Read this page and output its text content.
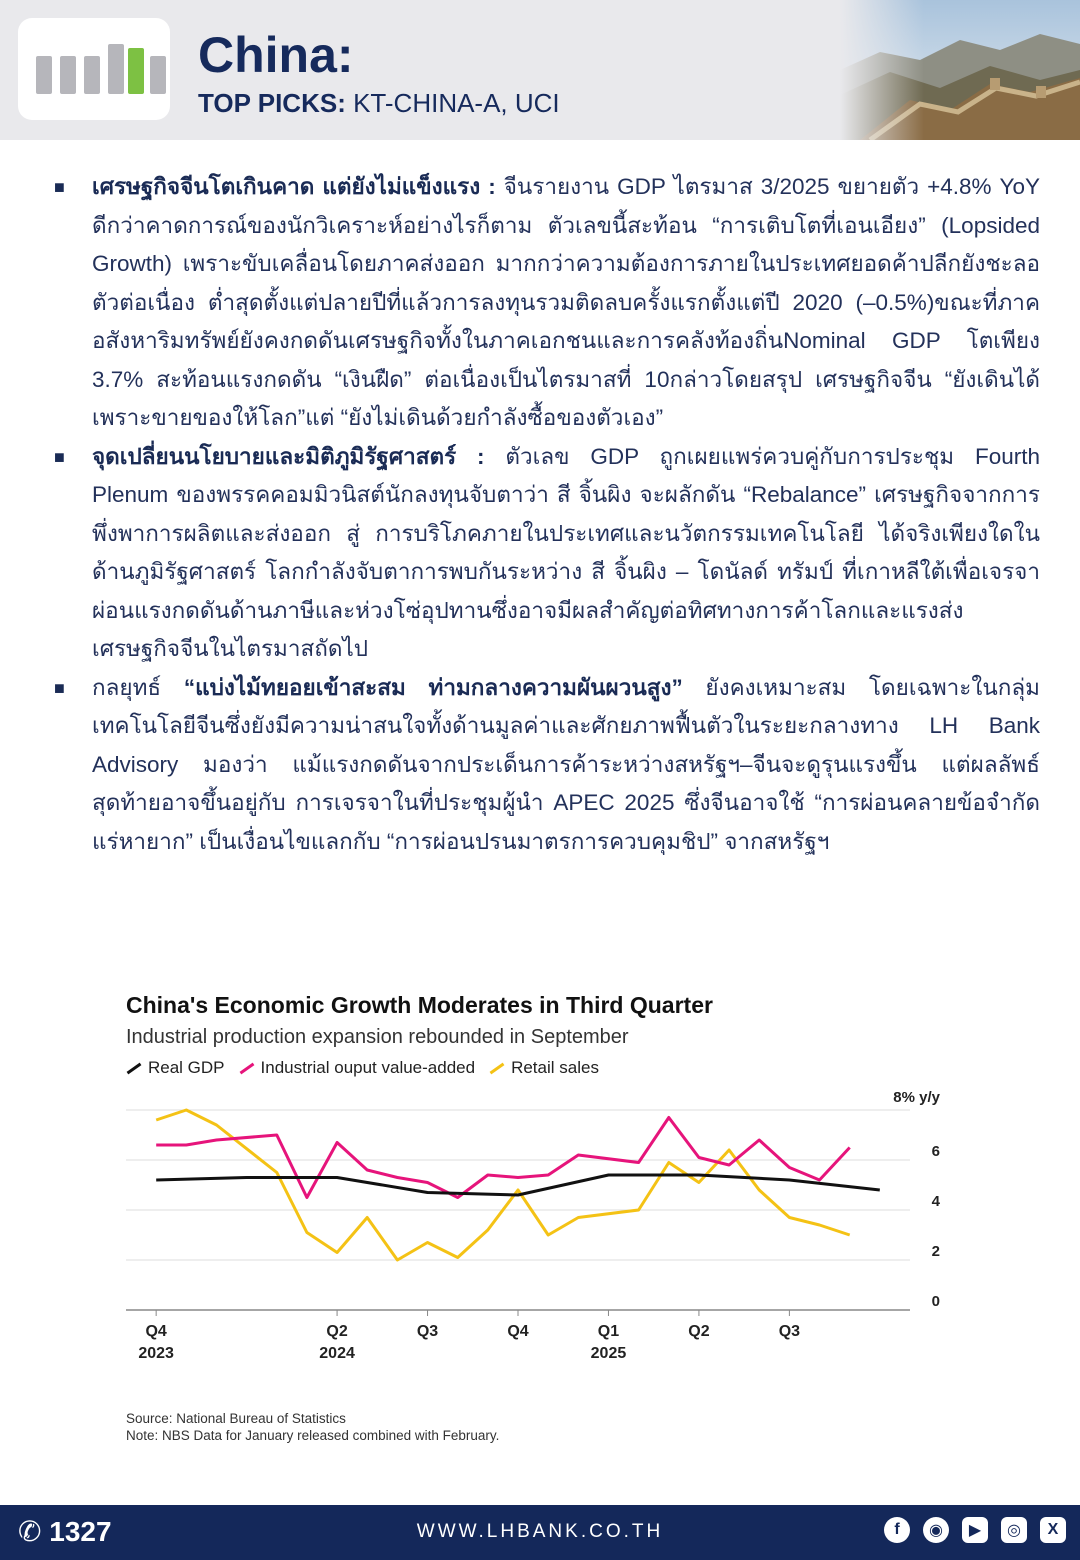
China:
TOP PICKS: KT-CHINA-A, UCI

■ เศรษฐกิจจีนโตเกินคาด แต่ยังไม่แข็งแรง : จีนรายงาน GDP ไตรมาส 3/2025 ขยายตัว +4.8% YoY ดีกว่าคาดการณ์ของนักวิเคราะห์อย่างไรก็ตาม ตัวเลขนี้สะท้อน “การเติบโตที่เอนเอียง” (Lopsided Growth) เพราะขับเคลื่อนโดยภาคส่งออก มากกว่าความต้องการภายในประเทศยอดค้าปลีกยังชะลอตัวต่อเนื่อง ต่ำสุดตั้งแต่ปลายปีที่แล้วการลงทุนรวมติดลบครั้งแรกตั้งแต่ปี 2020 (–0.5%)ขณะที่ภาคอสังหาริมทรัพย์ยังคงกดดันเศรษฐกิจทั้งในภาคเอกชนและการคลังท้องถิ่นNominal GDP โตเพียง 3.7% สะท้อนแรงกดดัน “เงินฝืด” ต่อเนื่องเป็นไตรมาสที่ 10กล่าวโดยสรุป เศรษฐกิจจีน “ยังเดินได้ เพราะขายของให้โลก”แต่ “ยังไม่เดินด้วยกำลังซื้อของตัวเอง”

■ จุดเปลี่ยนนโยบายและมิติภูมิรัฐศาสตร์ : ตัวเลข GDP ถูกเผยแพร่ควบคู่กับการประชุม Fourth Plenum ของพรรคคอมมิวนิสต์นักลงทุนจับตาว่า สี จิ้นผิง จะผลักดัน “Rebalance” เศรษฐกิจจากการพึ่งพาการผลิตและส่งออก สู่ การบริโภคภายในประเทศและนวัตกรรมเทคโนโลยี ได้จริงเพียงใดในด้านภูมิรัฐศาสตร์ โลกกำลังจับตาการพบกันระหว่าง สี จิ้นผิง – โดนัลด์ ทรัมป์ ที่เกาหลีใต้เพื่อเจรจาผ่อนแรงกดดันด้านภาษีและห่วงโซ่อุปทานซึ่งอาจมีผลสำคัญต่อทิศทางการค้าโลกและแรงส่งเศรษฐกิจจีนในไตรมาสถัดไป

■ กลยุทธ์ “แบ่งไม้ทยอยเข้าสะสม ท่ามกลางความผันผวนสูง” ยังคงเหมาะสม โดยเฉพาะในกลุ่มเทคโนโลยีจีนซึ่งยังมีความน่าสนใจทั้งด้านมูลค่าและศักยภาพฟื้นตัวในระยะกลางทาง LH Bank Advisory มองว่า แม้แรงกดดันจากประเด็นการค้าระหว่างสหรัฐฯ–จีนจะดูรุนแรงขึ้น แต่ผลลัพธ์สุดท้ายอาจขึ้นอยู่กับ การเจรจาในที่ประชุมผู้นำ APEC 2025 ซึ่งจีนอาจใช้ “การผ่อนคลายข้อจำกัดแร่หายาก” เป็นเงื่อนไขแลกกับ “การผ่อนปรนมาตรการควบคุมชิป” จากสหรัฐฯ

China's Economic Growth Moderates in Third Quarter
Industrial production expansion rebounded in September
Real GDP Industrial ouput value-added Retail sales
8% y/y
0
2
4
6
Q4
2023
Q2
2024
Q3	Q4	Q1
2025
Q2	Q3
Source: National Bureau of Statistics
Note: NBS Data for January released combined with February.
✆ 1327	WWW.LHBANK.CO.TH	f	◉	▶	◎	X
